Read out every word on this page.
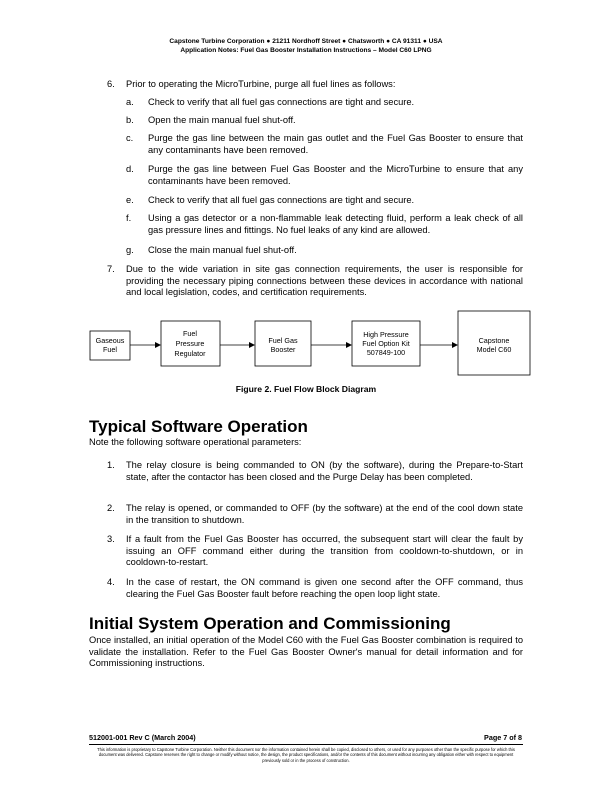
Capstone Turbine Corporation ● 21211 Nordhoff Street ● Chatsworth ● CA 91311 ● USA
Application Notes: Fuel Gas Booster Installation Instructions – Model C60 LPNG
6. Prior to operating the MicroTurbine, purge all fuel lines as follows:
a. Check to verify that all fuel gas connections are tight and secure.
b. Open the main manual fuel shut-off.
c. Purge the gas line between the main gas outlet and the Fuel Gas Booster to ensure that any contaminants have been removed.
d. Purge the gas line between Fuel Gas Booster and the MicroTurbine to ensure that any contaminants have been removed.
e. Check to verify that all fuel gas connections are tight and secure.
f. Using a gas detector or a non-flammable leak detecting fluid, perform a leak check of all gas pressure lines and fittings. No fuel leaks of any kind are allowed.
g. Close the main manual fuel shut-off.
7. Due to the wide variation in site gas connection requirements, the user is responsible for providing the necessary piping connections between these devices in accordance with national and local legislation, codes, and certification requirements.
Gaseous
Fuel
Fuel
Pressure
Regulator
Fuel Gas
Booster
High Pressure
Fuel Option Kit
507849-100
Capstone
Model C60
Figure 2. Fuel Flow Block Diagram
Typical Software Operation
Note the following software operational parameters:
1. The relay closure is being commanded to ON (by the software), during the Prepare-to-Start state, after the contactor has been closed and the Purge Delay has been completed.
2. The relay is opened, or commanded to OFF (by the software) at the end of the cool down state in the transition to shutdown.
3. If a fault from the Fuel Gas Booster has occurred, the subsequent start will clear the fault by issuing an OFF command either during the transition from cooldown-to-shutdown, or in cooldown-to-restart.
4. In the case of restart, the ON command is given one second after the OFF command, thus clearing the Fuel Gas Booster fault before reaching the open loop light state.
Initial System Operation and Commissioning
Once installed, an initial operation of the Model C60 with the Fuel Gas Booster combination is required to validate the installation. Refer to the Fuel Gas Booster Owner's manual for detail information and for Commissioning instructions.
512001-001 Rev C (March 2004)	Page 7 of 8
This information is proprietary to Capstone Turbine Corporation. Neither this document nor the information contained herein shall be copied, disclosed to others, or used for any purposes other than the specific purpose for which this document was delivered. Capstone reserves the right to change or modify without notice, the design, the product specifications, and/or the contents of this document without incurring any obligation either with respect to equipment previously sold or in the process of construction.
